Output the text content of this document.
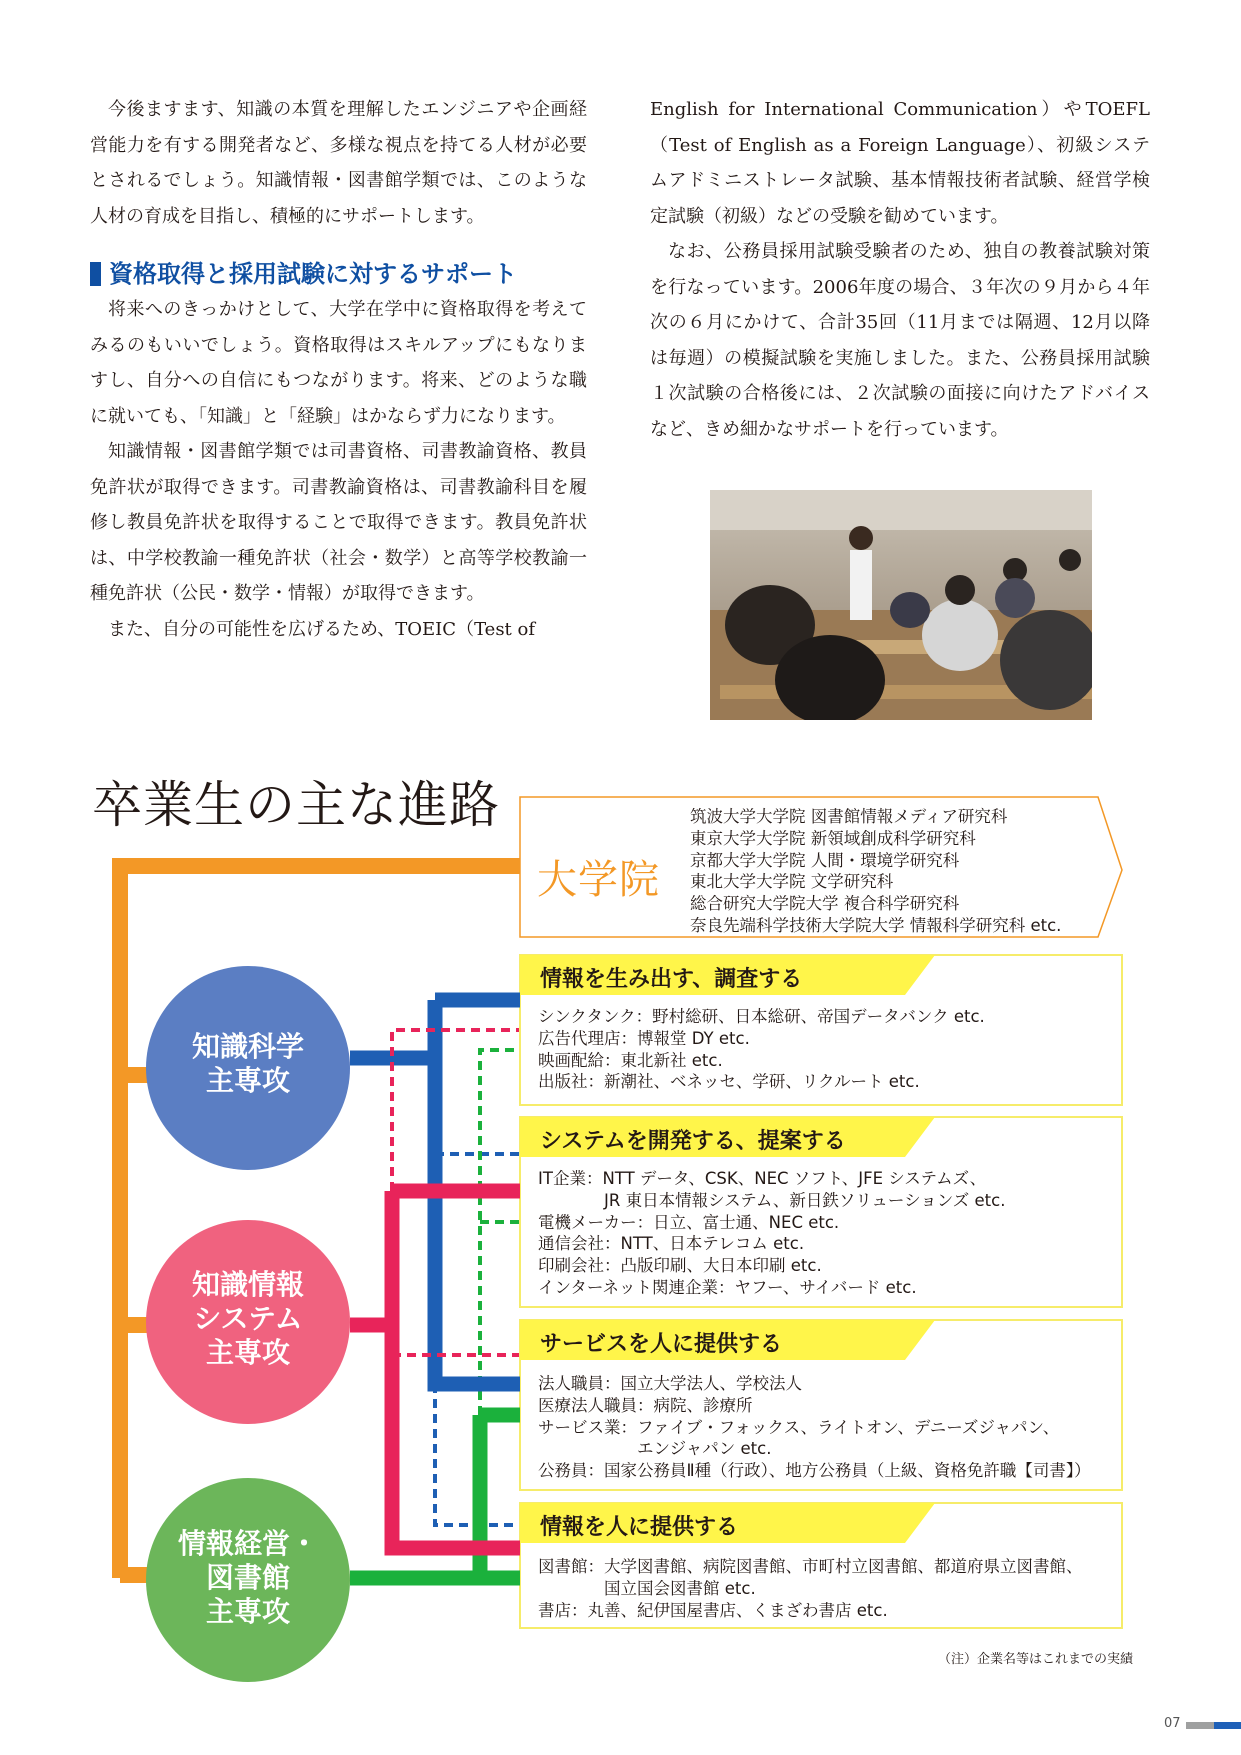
今後ますます、知識の本質を理解したエンジニアや企画経営能力を有する開発者など、多様な視点を持てる人材が必要とされるでしょう。知識情報・図書館学類では、このような人材の育成を目指し、積極的にサポートします。

資格取得と採用試験に対するサポート

将来へのきっかけとして、大学在学中に資格取得を考えてみるのもいいでしょう。資格取得はスキルアップにもなりますし、自分への自信にもつながります。将来、どのような職に就いても、「知識」と「経験」はかならず力になります。

知識情報・図書館学類では司書資格、司書教諭資格、教員免許状が取得できます。司書教諭資格は、司書教諭科目を履修し教員免許状を取得することで取得できます。教員免許状は、中学校教諭一種免許状（社会・数学）と高等学校教諭一種免許状（公民・数学・情報）が取得できます。

また、自分の可能性を広げるため、TOEIC（Test of

English for International Communication）やTOEFL（Test of English as a Foreign Language）、初級システムアドミニストレータ試験、基本情報技術者試験、経営学検定試験（初級）などの受験を勧めています。

なお、公務員採用試験受験者のため、独自の教養試験対策を行なっています。2006年度の場合、３年次の９月から４年次の６月にかけて、合計35回（11月までは隔週、12月以降は毎週）の模擬試験を実施しました。また、公務員採用試験１次試験の合格後には、２次試験の面接に向けたアドバイスなど、きめ細かなサポートを行っています。

卒業生の主な進路
大学院
筑波大学大学院 図書館情報メディア研究科
東京大学大学院 新領域創成科学研究科
京都大学大学院 人間・環境学研究科
東北大学大学院 文学研究科
総合研究大学院大学 複合科学研究科
奈良先端科学技術大学院大学 情報科学研究科 etc.
知識科学
主専攻
知識情報
システム
主専攻
情報経営・
図書館
主専攻
情報を生み出す、調査する
シンクタンク：野村総研、日本総研、帝国データバンク etc.
広告代理店：博報堂 DY etc.
映画配給：東北新社 etc.
出版社：新潮社、ベネッセ、学研、リクルート etc.
システムを開発する、提案する
IT企業：NTT データ、CSK、NEC ソフト、JFE システムズ、
　　　　JR 東日本情報システム、新日鉄ソリューションズ etc.
電機メーカー：日立、富士通、NEC etc.
通信会社：NTT、日本テレコム etc.
印刷会社：凸版印刷、大日本印刷 etc.
インターネット関連企業：ヤフー、サイバード etc.
サービスを人に提供する
法人職員：国立大学法人、学校法人
医療法人職員：病院、診療所
サービス業：ファイブ・フォックス、ライトオン、デニーズジャパン、
　　　　　　エンジャパン etc.
公務員：国家公務員Ⅱ種（行政）、地方公務員（上級、資格免許職【司書】）
情報を人に提供する
図書館：大学図書館、病院図書館、市町村立図書館、都道府県立図書館、
　　　　国立国会図書館 etc.
書店：丸善、紀伊国屋書店、くまざわ書店 etc.
（注）企業名等はこれまでの実績
07
